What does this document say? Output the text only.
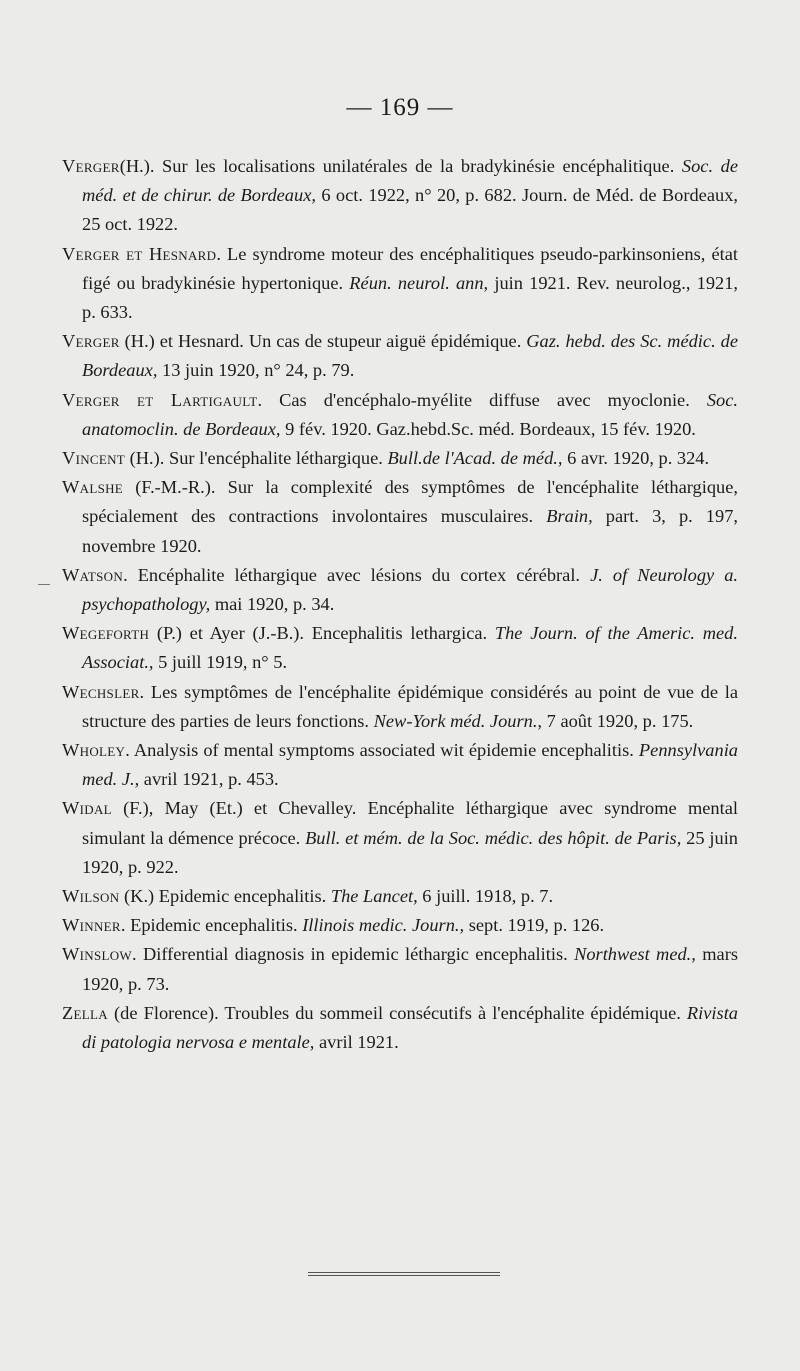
— 169 —

Verger(H.). Sur les localisations unilatérales de la bradykinésie encéphalitique. Soc. de méd. et de chirur. de Bordeaux, 6 oct. 1922, n° 20, p. 682. Journ. de Méd. de Bordeaux, 25 oct. 1922.

Verger et Hesnard. Le syndrome moteur des encéphalitiques pseudo-parkinsoniens, état figé ou bradykinésie hypertonique. Réun. neurol. ann, juin 1921. Rev. neurolog., 1921, p. 633.

Verger (H.) et Hesnard. Un cas de stupeur aiguë épidémique. Gaz. hebd. des Sc. médic. de Bordeaux, 13 juin 1920, n° 24, p. 79.

Verger et Lartigault. Cas d'encéphalo-myélite diffuse avec myoclonie. Soc. anatomoclin. de Bordeaux, 9 fév. 1920. Gaz.hebd.Sc. méd. Bordeaux, 15 fév. 1920.

Vincent (H.). Sur l'encéphalite léthargique. Bull.de l'Acad. de méd., 6 avr. 1920, p. 324.

Walshe (F.-M.-R.). Sur la complexité des symptômes de l'encéphalite léthargique, spécialement des contractions involontaires musculaires. Brain, part. 3, p. 197, novembre 1920.

Watson. Encéphalite léthargique avec lésions du cortex cérébral. J. of Neurology a. psychopathology, mai 1920, p. 34.

Wegeforth (P.) et Ayer (J.-B.). Encephalitis lethargica. The Journ. of the Americ. med. Associat., 5 juill 1919, n° 5.

Wechsler. Les symptômes de l'encéphalite épidémique considérés au point de vue de la structure des parties de leurs fonctions. New-York méd. Journ., 7 août 1920, p. 175.

Wholey. Analysis of mental symptoms associated wit épidemie encephalitis. Pennsylvania med. J., avril 1921, p. 453.

Widal (F.), May (Et.) et Chevalley. Encéphalite léthargique avec syndrome mental simulant la démence précoce. Bull. et mém. de la Soc. médic. des hôpit. de Paris, 25 juin 1920, p. 922.

Wilson (K.) Epidemic encephalitis. The Lancet, 6 juill. 1918, p. 7.

Winner. Epidemic encephalitis. Illinois medic. Journ., sept. 1919, p. 126.

Winslow. Differential diagnosis in epidemic léthargic encephalitis. Northwest med., mars 1920, p. 73.

Zella (de Florence). Troubles du sommeil consécutifs à l'encéphalite épidémique. Rivista di patologia nervosa e mentale, avril 1921.
